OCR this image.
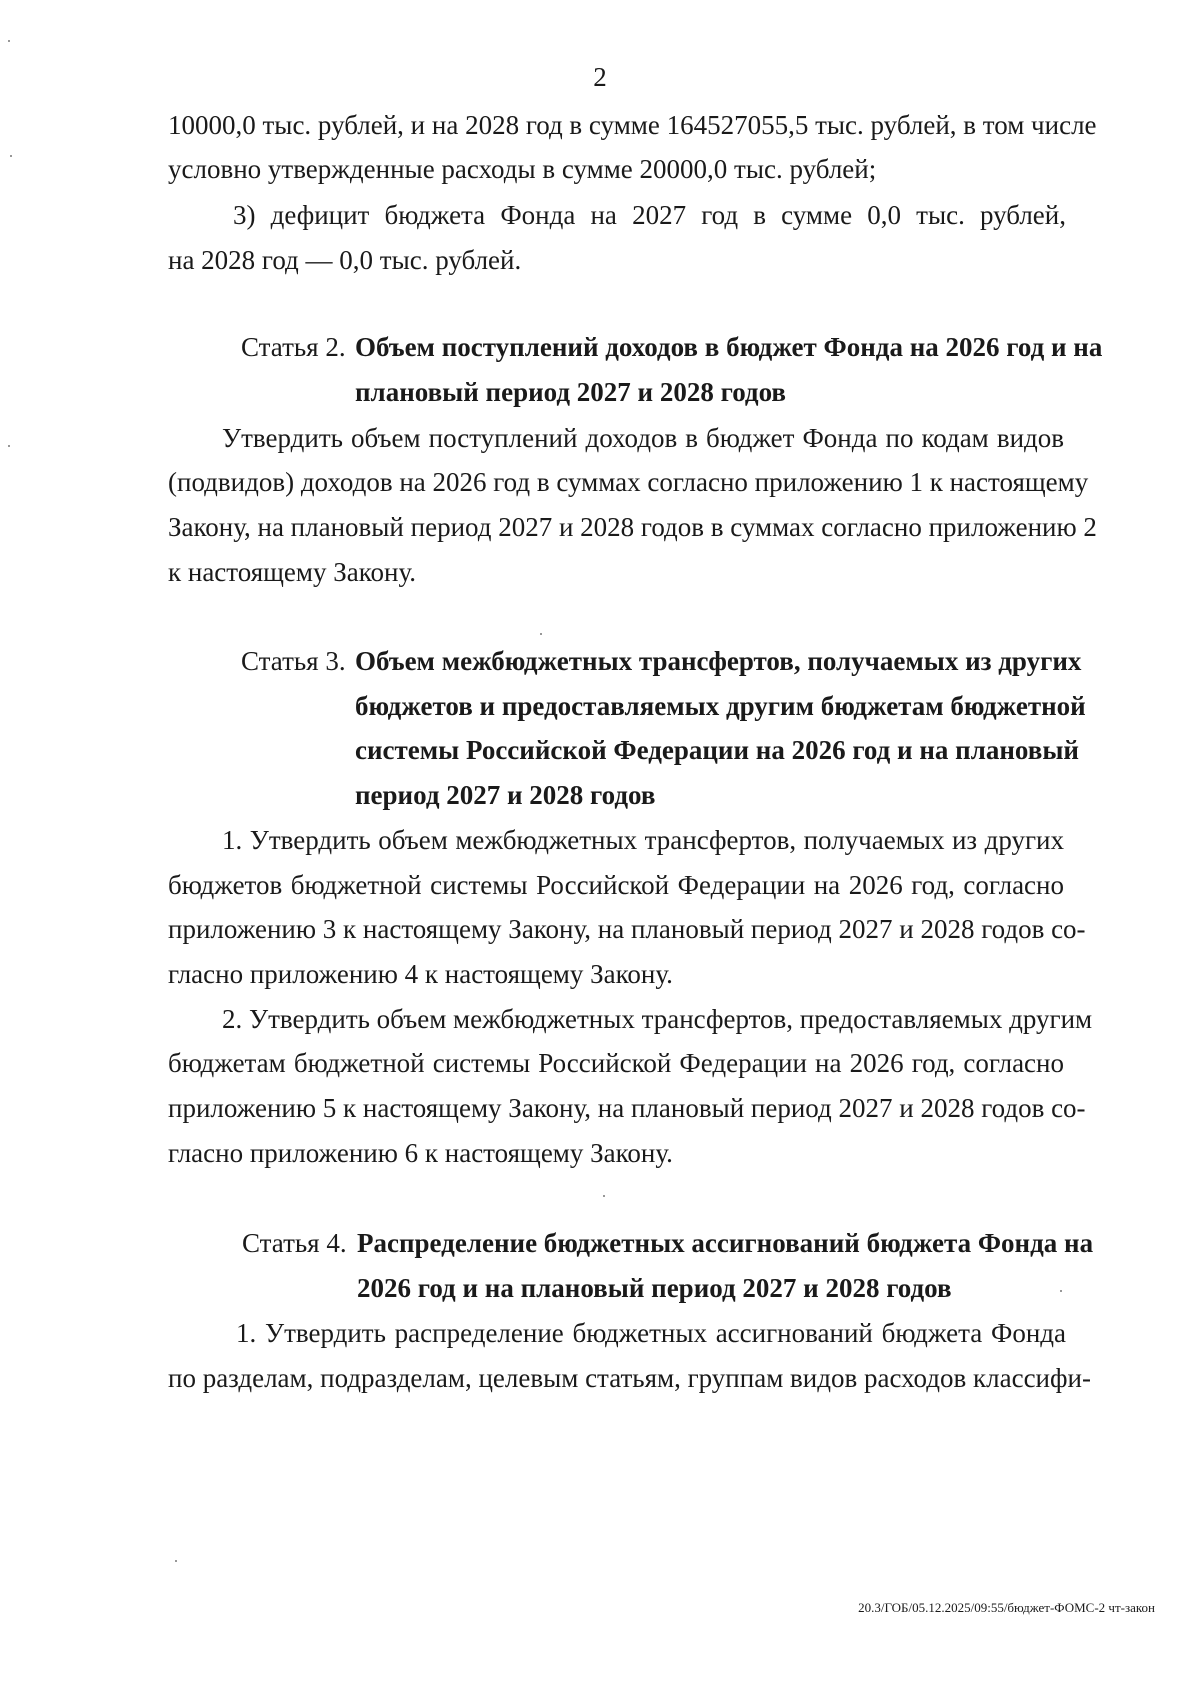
2
10000,0 тыс. рублей, и на 2028 год в сумме 164527055,5 тыс. рублей, в том числе
условно утвержденные расходы в сумме 20000,0 тыс. рублей;
3) дефицит бюджета Фонда на 2027 год в сумме 0,0 тыс. рублей,
на 2028 год — 0,0 тыс. рублей.
Статья 2. Объем поступлений доходов в бюджет Фонда на 2026 год и на
плановый период 2027 и 2028 годов
Утвердить объем поступлений доходов в бюджет Фонда по кодам видов
(подвидов) доходов на 2026 год в суммах согласно приложению 1 к настоящему
Закону, на плановый период 2027 и 2028 годов в суммах согласно приложению 2
к настоящему Закону.
Статья 3. Объем межбюджетных трансфертов, получаемых из других
бюджетов и предоставляемых другим бюджетам бюджетной
системы Российской Федерации на 2026 год и на плановый
период 2027 и 2028 годов
1. Утвердить объем межбюджетных трансфертов, получаемых из других
бюджетов бюджетной системы Российской Федерации на 2026 год, согласно
приложению 3 к настоящему Закону, на плановый период 2027 и 2028 годов со-
гласно приложению 4 к настоящему Закону.
2. Утвердить объем межбюджетных трансфертов, предоставляемых другим
бюджетам бюджетной системы Российской Федерации на 2026 год, согласно
приложению 5 к настоящему Закону, на плановый период 2027 и 2028 годов со-
гласно приложению 6 к настоящему Закону.
Статья 4. Распределение бюджетных ассигнований бюджета Фонда на
2026 год и на плановый период 2027 и 2028 годов
1. Утвердить распределение бюджетных ассигнований бюджета Фонда
по разделам, подразделам, целевым статьям, группам видов расходов классифи-
20.3/ГОБ/05.12.2025/09:55/бюджет-ФОМС-2 чт-закон
